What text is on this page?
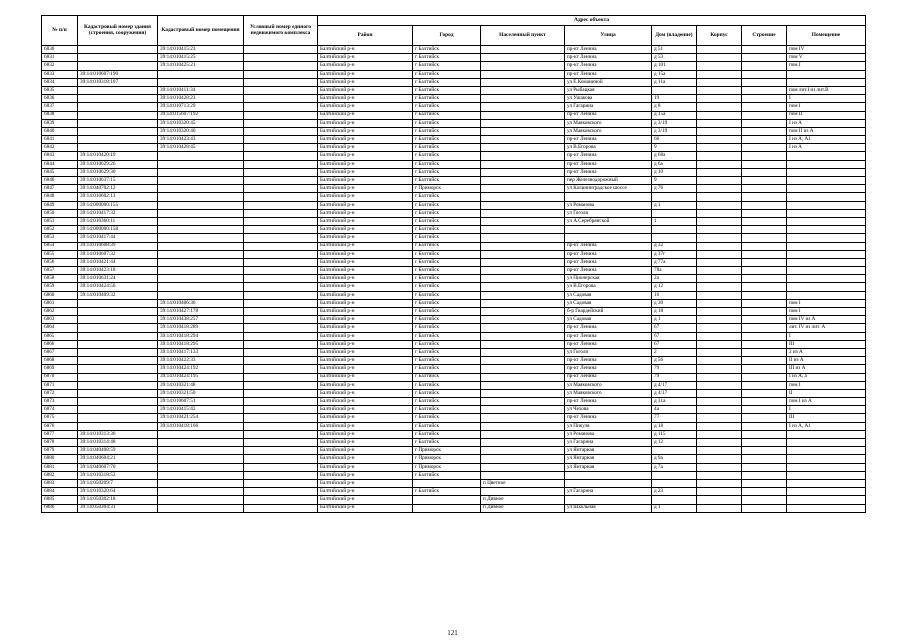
№ п/п	Кадастровый номер здания (строения, сооружения)	Кадастровый номер помещения	Условный номер единого недвижимого комплекса	Адрес объекта							
				Район	Город	Населенный пункт	Улица	Дом (владение)	Корпус	Строение	Помещение
6830		39:14:010415:23		Балтийский р-н	г Балтийск		пр-кт Ленина	д 51			пом IV
6831		39:14:010415:25		Балтийский р-н	г Балтийск		пр-кт Ленина	д 53			пом V
6832		39:14:010425:21		Балтийский р-н	г Балтийск		пр-кт Ленина	д 101			пом I
6833	39:14:010607:190			Балтийский р-н	г Балтийск		пр-кт Ленина	д 15а			
6834	39:14:010318:107			Балтийский р-н	г Балтийск		ул Е.Команиной	д 11а			
6835		39:14:010411:34		Балтийский р-н	г Балтийск		ул Рыбацкая				пом лит.I из лит.В
6836		39:14:010428:23		Балтийский р-н	г Балтийск		ул Ушакова	19			I
6837		39:14:010713:29		Балтийский р-н	г Балтийск		ул Гагарина	д 8			пом I
6838		39:14:015607:192		Балтийский р-н	г Балтийск		пр-кт Ленина	д 15а			пом II
6839		39:14:010320:45		Балтийский р-н	г Балтийск		ул Маяковского	д 3/19			I из А
6840		39:14:010320:46		Балтийский р-н	г Балтийск		ул Маяковского	д 3/19			пом II из А
6841		39:14:010423:43		Балтийский р-н	г Балтийск		пр-кт Ленина	66			I из А, А1
6842		39:14:010428:45		Балтийский р-н	г Балтийск		ул В.Егорова	9			I из А
6843	39:14:010420:19			Балтийский р-н	г Балтийск		пр-кт Ленина	д 68а			
6844	39:14:010629:26			Балтийский р-н	г Балтийск		пр-кт Ленина	д 6а			
6845	39:14:010629:30			Балтийский р-н	г Балтийск		пр-кт Ленина	д 10			
6846	39:14:010637:15			Балтийский р-н	г Балтийск		пер Железнодорожный	9			
6847	39:14:040702:12			Балтийский р-н	г Приморск		ул Калининградское шоссе	д 76			
6848	39:14:010602:13			Балтийский р-н	г Балтийск						
6849	39:14:000000:155			Балтийский р-н	г Балтийск		ул Романова	д 1			
6850	39:14:010417:32			Балтийский р-н	г Балтийск		ул Гоголя				
6851	39:14:010360:11			Балтийский р-н	г Балтийск		ул А.Серебрянской	1			
6852	39:14:000000:158			Балтийский р-н	г Балтийск						
6853	39:14:010417:44			Балтийский р-н	г Балтийск						
6854	39:14:010608:39			Балтийский р-н	г Балтийск		пр-кт Ленина	д 32			
6855	39:14:010607:32			Балтийский р-н	г Балтийск		пр-кт Ленина	д 37г			
6856	39:14:010421:44			Балтийский р-н	г Балтийск		пр-кт Ленина	д 77а			
6857	39:14:010423:18			Балтийский р-н	г Балтийск		пр-кт Ленина	78а			
6858	39:14:010631:24			Балтийский р-н	г Балтийск		ул Пионерская	2а			
6859	39:14:010424:56			Балтийский р-н	г Балтийск		ул В.Егорова	д 12			
6860	39:14:010409:32			Балтийский р-н	г Балтийск		ул Садовая	16			
6861		39:14:010406:36		Балтийский р-н	г Балтийск		ул Садовая	д 30			пом I
6862		39:14:010427:178		Балтийский р-н	г Балтийск		б-р Гвардейский	д 18			пом I
6863		39:14:010438:257		Балтийский р-н	г Балтийск		ул Садовая	д 1			пом IV из А
6864		39:14:010418:289		Балтийский р-н	г Балтийск		пр-кт Ленина	67			лит. IV из лит. А
6865		39:14:010418:294		Балтийский р-н	г Балтийск		пр-кт Ленина	67			I
6866		39:14:010418:295		Балтийский р-н	г Балтийск		пр-кт Ленина	67			III
6867		39:14:010417:133		Балтийский р-н	г Балтийск		ул Гоголя	2			2 из А
6868		39:14:010422:33		Балтийский р-н	г Балтийск		пр-кт Ленина	д 56			II из А
6869		39:14:010424:192		Балтийский р-н	г Балтийск		пр-кт Ленина	79			III из А
6870		39:14:010424:195		Балтийский р-н	г Балтийск		пр-кт Ленина	79			I из А, а
6871		39:14:010321:48		Балтийский р-н	г Балтийск		ул Маяковского	д 4/17			пом I
6872		39:14:010321:50		Балтийский р-н	г Балтийск		ул Маяковского	д 4/17			II
6873		39:14:010607:51		Балтийский р-н	г Балтийск		пр-кт Ленина	д 31а			пом I из А
6874		39:14:010415:42		Балтийский р-н	г Балтийск		ул Чехова	4а			I
6875		39:14:010421:254		Балтийский р-н	г Балтийск		пр-кт Ленина	77			III
6876		39:14:010418:166		Балтийский р-н	г Балтийск		ул Пикуля	д 18			I из А, А1
6877	39:14:010313:36			Балтийский р-н	г Балтийск		ул Романова	д 115			
6878	39:14:010314:48			Балтийский р-н	г Балтийск		ул Гагарина	д 12			
6879	39:14:040408:59			Балтийский р-н	г Приморск		ул Янтарная				
6880	39:14:040604:21			Балтийский р-н	г Приморск		ул Янтарная	д 9а			
6881	39:14:040607:70			Балтийский р-н	г Приморск		ул Янтарная	д 7а			
6882	39:14:010318:52			Балтийский р-н	г Балтийск						
6883	39:14:050209:7			Балтийский р-н		п Цветное					
6884	39:14:010320:64			Балтийский р-н	г Балтийск		ул Гагарина	д 23			
6885	39:14:050302:18			Балтийский р-н		п Дивное					
6886	39:14:050304:31			Балтийский р-н		п Дивное	ул Школьная	д 1			
121
